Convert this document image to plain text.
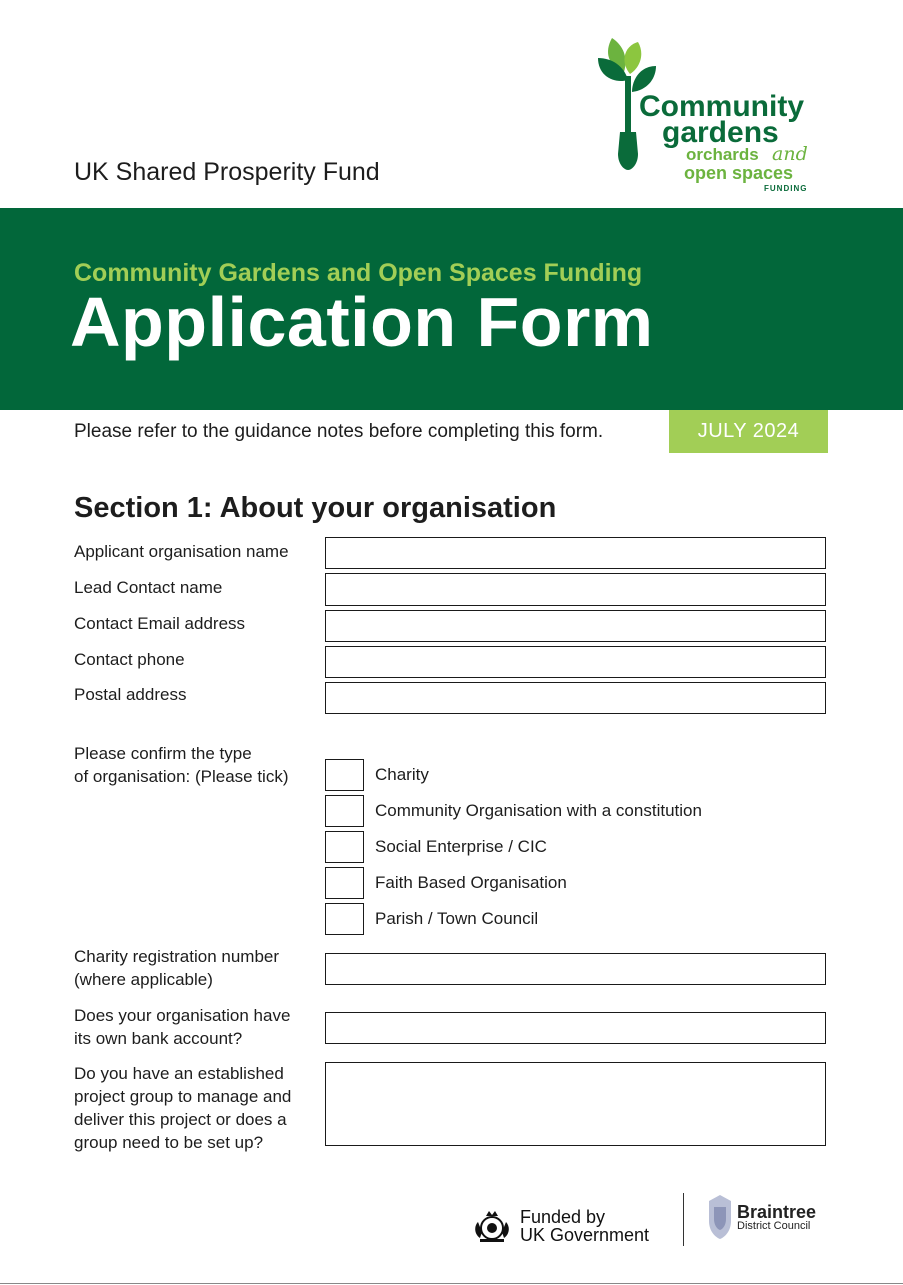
UK Shared Prosperity Fund
Community
gardens
orchards and
open spaces
FUNDING
Community Gardens and Open Spaces Funding
Application Form
Please refer to the guidance notes before completing this form.	JULY 2024
Section 1: About your organisation
Applicant organisation name
Lead Contact name
Contact Email address
Contact phone
Postal address
Please confirm the type
of organisation: (Please tick)	Charity
Community Organisation with a constitution
Social Enterprise / CIC
Faith Based Organisation
Parish / Town Council
Charity registration number
(where applicable)
Does your organisation have
its own bank account?
Do you have an established
project group to manage and
deliver this project or does a
group need to be set up?
Funded by
UK Government
Braintree
District Council
